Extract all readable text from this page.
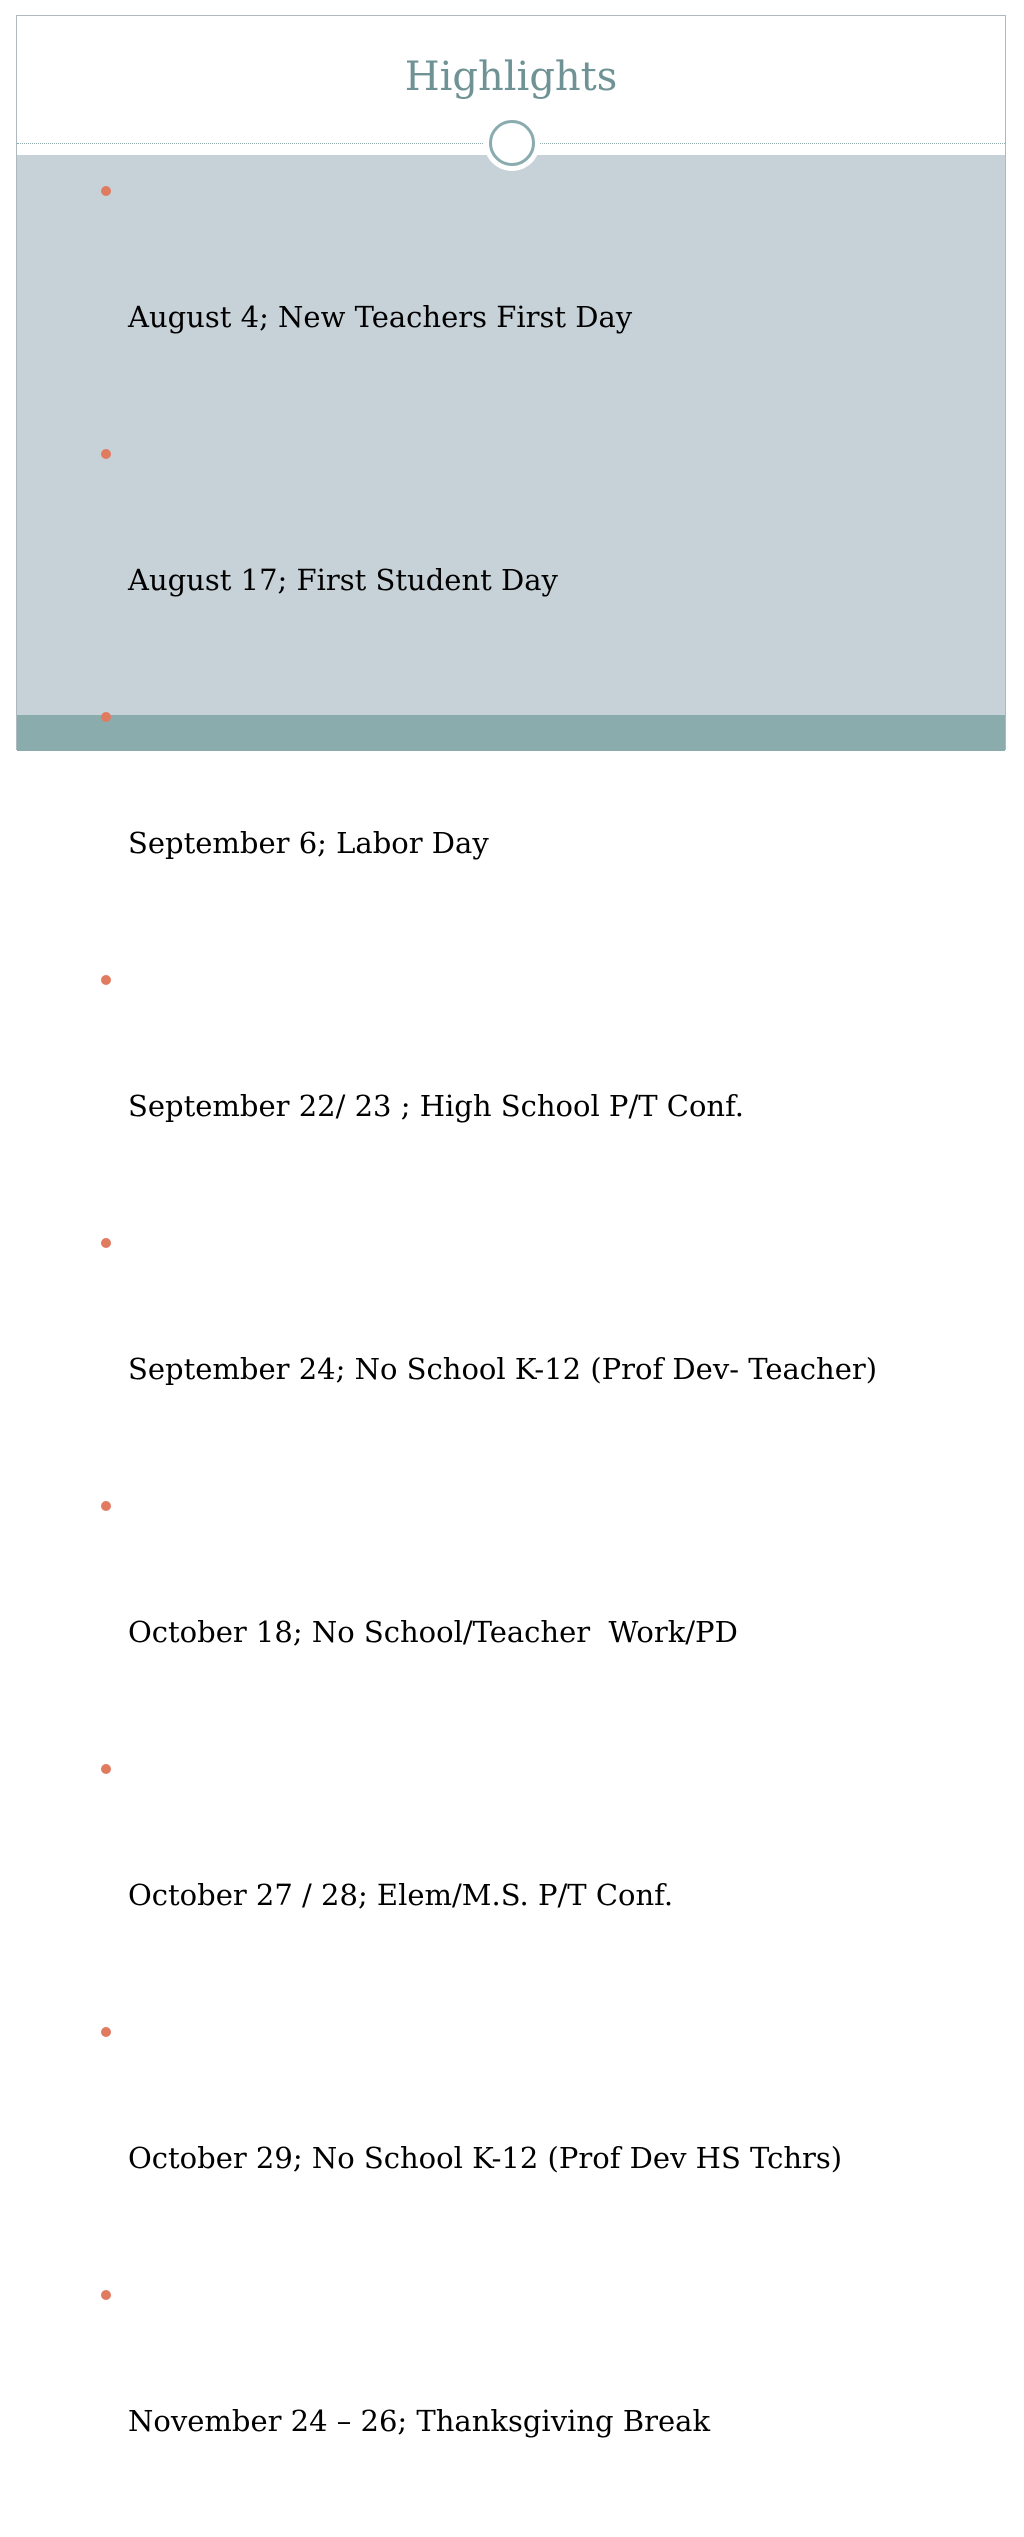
Highlights

August 4; New Teachers First Day

August 17; First Student Day

September 6; Labor Day

September 22/ 23 ; High School P/T Conf.

September 24; No School K-12 (Prof Dev- Teacher)

October 18; No School/Teacher  Work/PD

October 27 / 28; Elem/M.S. P/T Conf.

October 29; No School K-12 (Prof Dev HS Tchrs)

November 24 – 26; Thanksgiving Break
